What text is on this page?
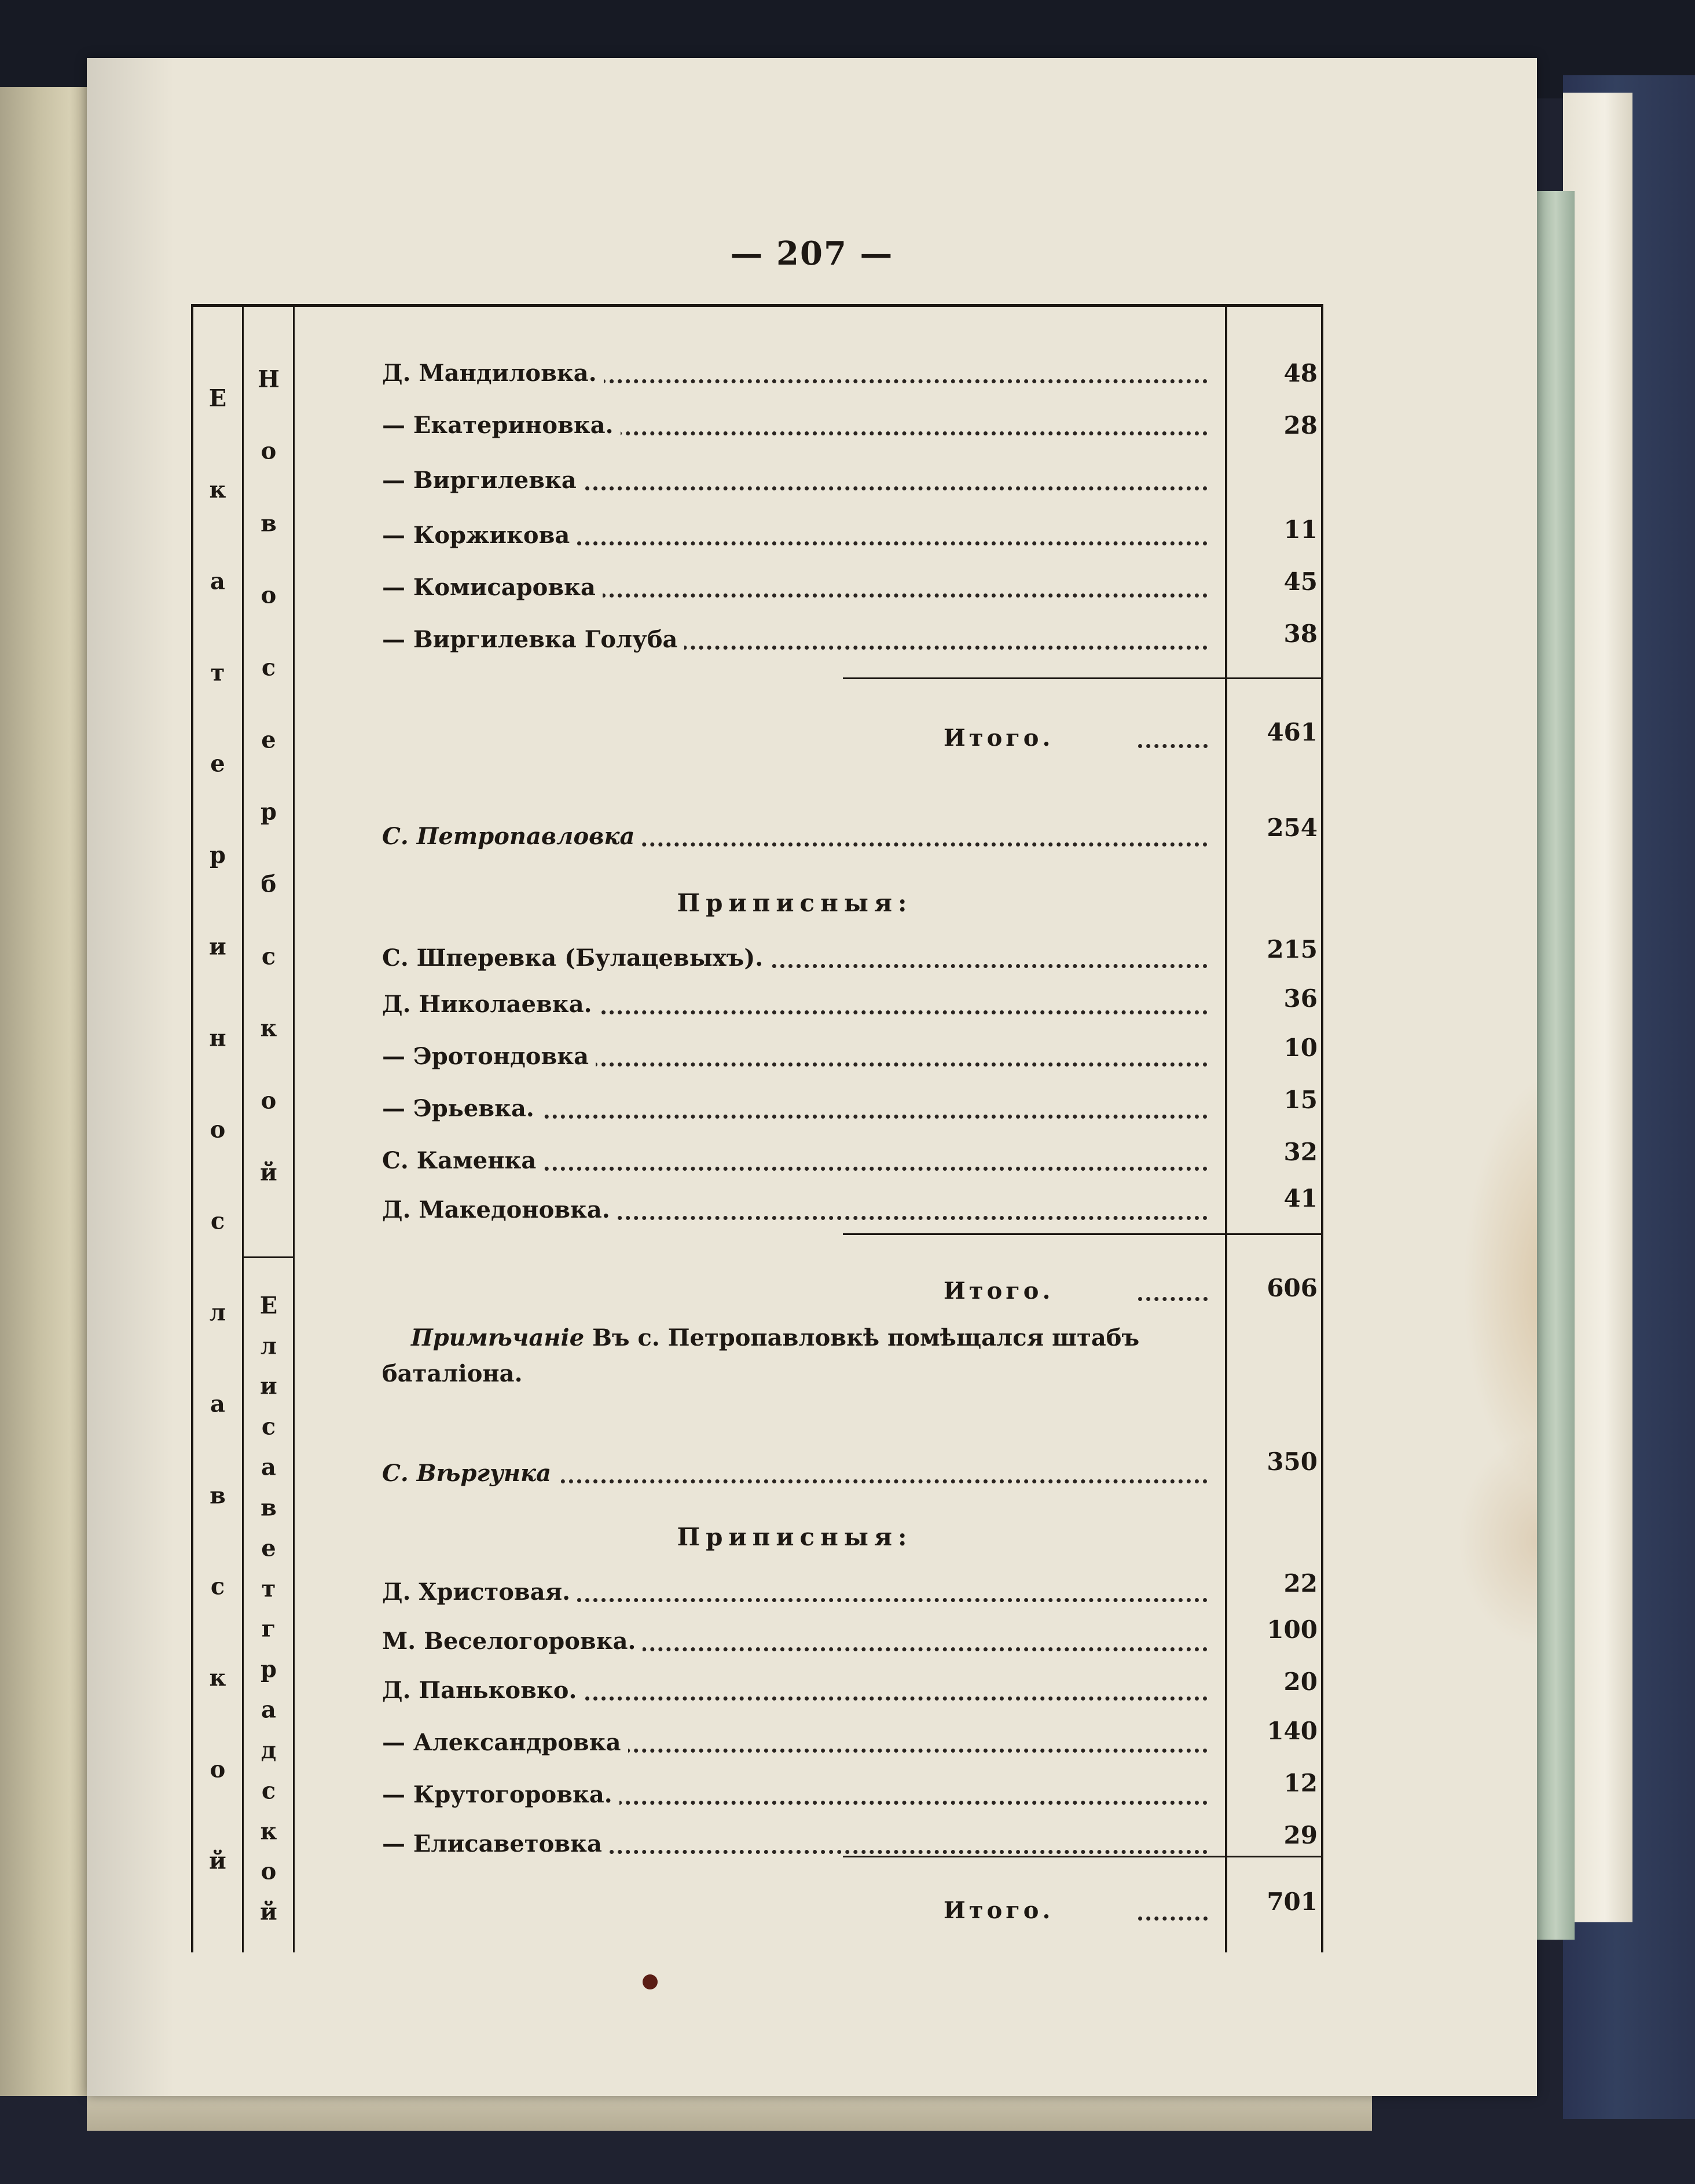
— 207 —
Е
к
а
т
е
р
и
н
о
с
л
а
в
с
к
о
й
Н
о
в
о
с
е
р
б
с
к
о
й
Е
л
и
с
а
в
е
т
г
р
а
д
с
к
о
й
Д. Мандиловка.	48
— Екатериновка.	28
— Виргилевка
— Коржикова	11
— Комисаровка	45
— Виргилевка Голуба	38
Итого.	461
С. Петропавловка	254
Приписныя:
С. Шперевка (Булацевыхъ).	215
Д. Николаевка.	36
— Эротондовка	10
— Эрьевка.	15
С. Каменка	32
Д. Македоновка.	41
Итого.	606
Примѣчаніе Въ с. Петропавловкѣ помѣщался штабъ баталіона.
С. Вѣргунка	350
Приписныя:
Д. Христовая.	22
М. Веселогоровка.	100
Д. Паньковко.	20
— Александровка	140
— Крутогоровка.	12
— Елисаветовка	29
Итого.	701
